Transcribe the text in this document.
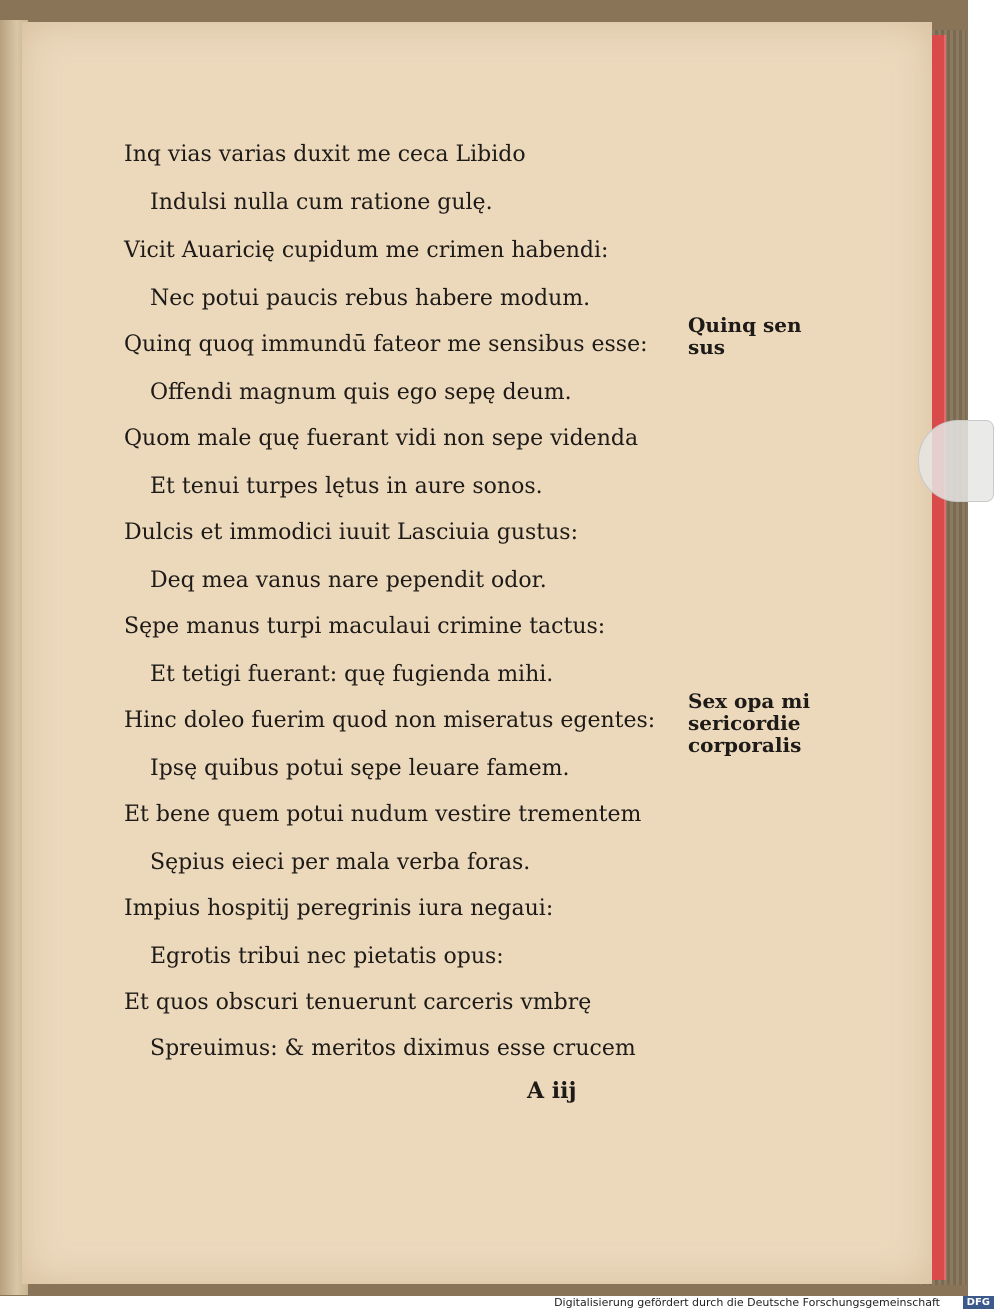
Inq vias varias duxit me ceca Libido
Indulsi nulla cum ratione gulę.
Vicit Auaricię cupidum me crimen habendi:
Nec potui paucis rebus habere modum.
Quinq quoq immundū fateor me sensibus esse:
Offendi magnum quis ego sepę deum.
Quom male quę fuerant vidi non sepe videnda
Et tenui turpes lętus in aure sonos.
Dulcis et immodici iuuit Lasciuia gustus:
Deq mea vanus nare pependit odor.
Sępe manus turpi maculaui crimine tactus:
Et tetigi fuerant: quę fugienda mihi.
Hinc doleo fuerim quod non miseratus egentes:
Ipsę quibus potui sępe leuare famem.
Et bene quem potui nudum vestire trementem
Sępius eieci per mala verba foras.
Impius hospitij peregrinis iura negaui:
Egrotis tribui nec pietatis opus:
Et quos obscuri tenuerunt carceris vmbrę
Spreuimus: & meritos diximus esse crucem
Quinq sen
sus
Sex opa mi
sericordie
corporalis
A iij
Digitalisierung gefördert durch die Deutsche Forschungsgemeinschaft	DFG
